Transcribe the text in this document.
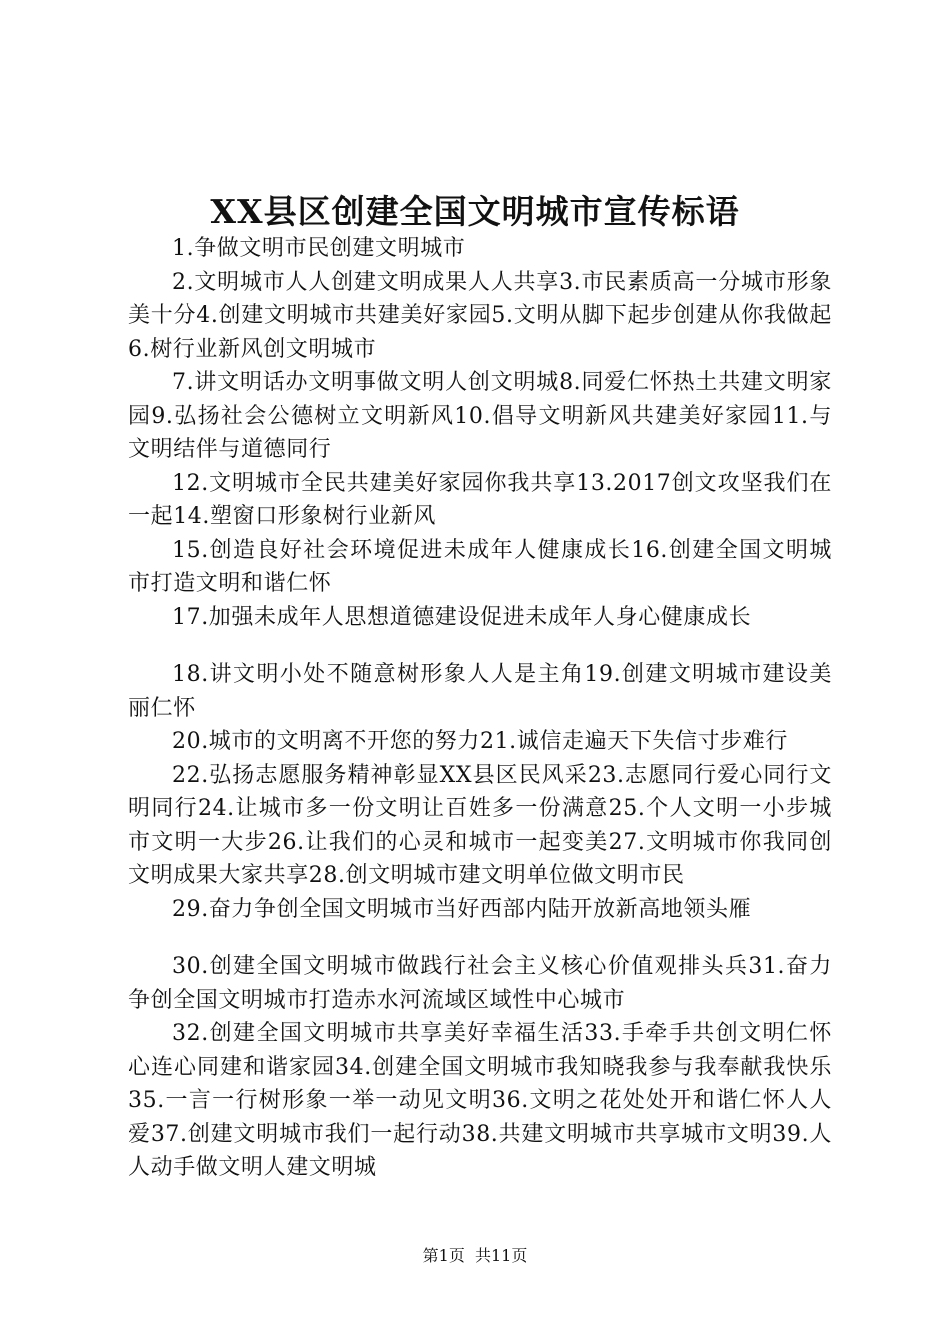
XX县区创建全国文明城市宣传标语

1.争做文明市民创建文明城市

2.文明城市人人创建文明成果人人共享3.市民素质高一分城市形象美十分4.创建文明城市共建美好家园5.文明从脚下起步创建从你我做起6.树行业新风创文明城市

7.讲文明话办文明事做文明人创文明城8.同爱仁怀热土共建文明家园9.弘扬社会公德树立文明新风10.倡导文明新风共建美好家园11.与文明结伴与道德同行

12.文明城市全民共建美好家园你我共享13.2017创文攻坚我们在一起14.塑窗口形象树行业新风

15.创造良好社会环境促进未成年人健康成长16.创建全国文明城市打造文明和谐仁怀

17.加强未成年人思想道德建设促进未成年人身心健康成长

18.讲文明小处不随意树形象人人是主角19.创建文明城市建设美丽仁怀

20.城市的文明离不开您的努力21.诚信走遍天下失信寸步难行

22.弘扬志愿服务精神彰显XX县区民风采23.志愿同行爱心同行文明同行24.让城市多一份文明让百姓多一份满意25.个人文明一小步城市文明一大步26.让我们的心灵和城市一起变美27.文明城市你我同创文明成果大家共享28.创文明城市建文明单位做文明市民

29.奋力争创全国文明城市当好西部内陆开放新高地领头雁

30.创建全国文明城市做践行社会主义核心价值观排头兵31.奋力争创全国文明城市打造赤水河流域区域性中心城市

32.创建全国文明城市共享美好幸福生活33.手牵手共创文明仁怀心连心同建和谐家园34.创建全国文明城市我知晓我参与我奉献我快乐35.一言一行树形象一举一动见文明36.文明之花处处开和谐仁怀人人爱37.创建文明城市我们一起行动38.共建文明城市共享城市文明39.人人动手做文明人建文明城

第1页  共11页
